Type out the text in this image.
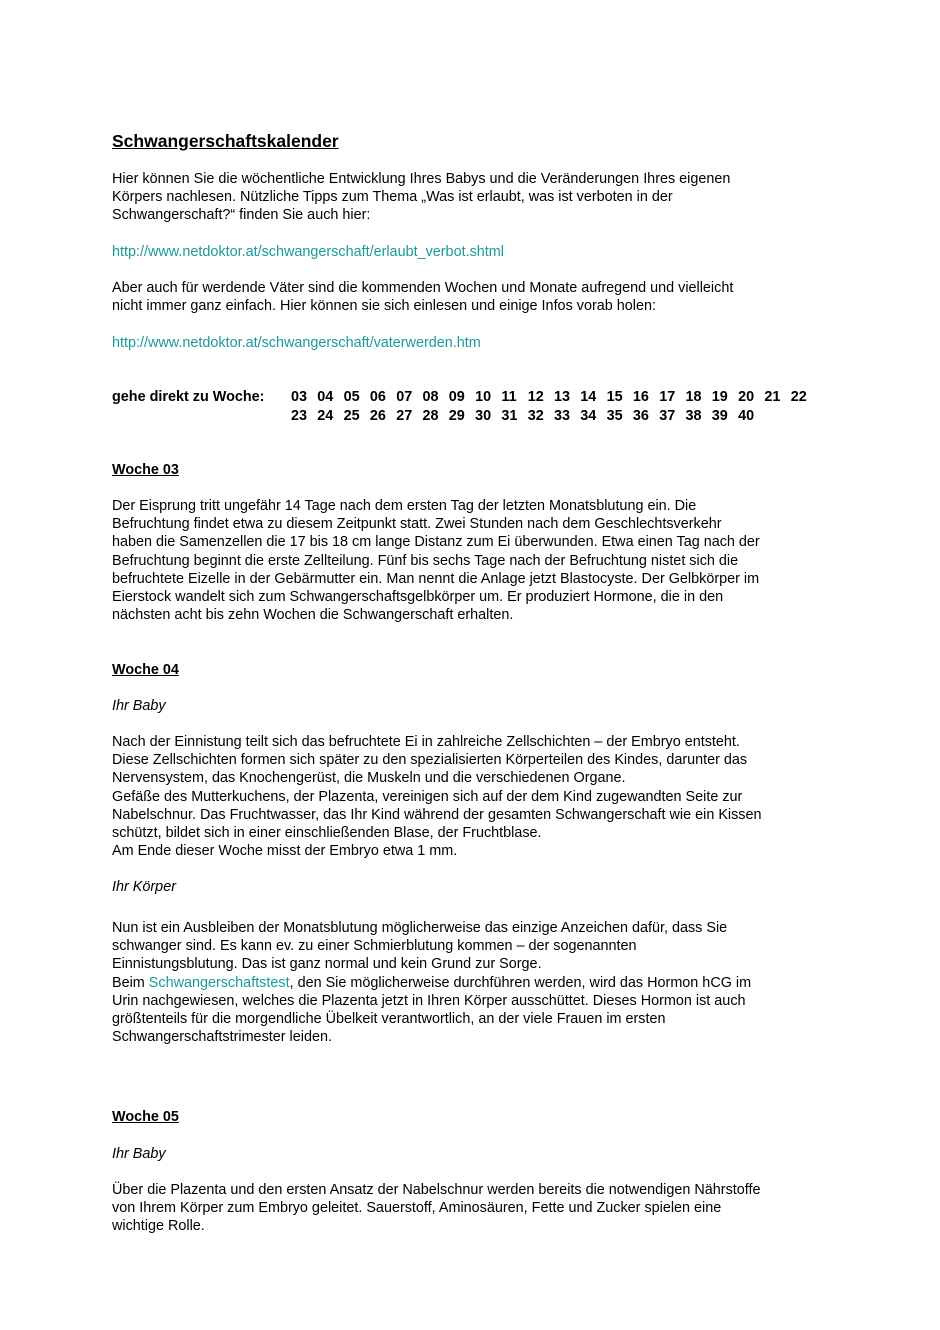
Schwangerschaftskalender
Hier können Sie die wöchentliche Entwicklung Ihres Babys und die Veränderungen Ihres eigenen
Körpers nachlesen. Nützliche Tipps zum Thema „Was ist erlaubt, was ist verboten in der
Schwangerschaft?“ finden Sie auch hier:
http://www.netdoktor.at/schwangerschaft/erlaubt_verbot.shtml
Aber auch für werdende Väter sind die kommenden Wochen und Monate aufregend und vielleicht
nicht immer ganz einfach. Hier können sie sich einlesen und einige Infos vorab holen:
http://www.netdoktor.at/schwangerschaft/vaterwerden.htm
gehe direkt zu Woche: 03 04 05 06 07 08 09 10 11 12 13 14 15 16 17 18 19 20 21 22
23 24 25 26 27 28 29 30 31 32 33 34 35 36 37 38 39 40
Woche 03
Der Eisprung tritt ungefähr 14 Tage nach dem ersten Tag der letzten Monatsblutung ein. Die
Befruchtung findet etwa zu diesem Zeitpunkt statt. Zwei Stunden nach dem Geschlechtsverkehr
haben die Samenzellen die 17 bis 18 cm lange Distanz zum Ei überwunden. Etwa einen Tag nach der
Befruchtung beginnt die erste Zellteilung. Fünf bis sechs Tage nach der Befruchtung nistet sich die
befruchtete Eizelle in der Gebärmutter ein. Man nennt die Anlage jetzt Blastocyste. Der Gelbkörper im
Eierstock wandelt sich zum Schwangerschaftsgelbkörper um. Er produziert Hormone, die in den
nächsten acht bis zehn Wochen die Schwangerschaft erhalten.
Woche 04
Ihr Baby
Nach der Einnistung teilt sich das befruchtete Ei in zahlreiche Zellschichten – der Embryo entsteht.
Diese Zellschichten formen sich später zu den spezialisierten Körperteilen des Kindes, darunter das
Nervensystem, das Knochengerüst, die Muskeln und die verschiedenen Organe.
Gefäße des Mutterkuchens, der Plazenta, vereinigen sich auf der dem Kind zugewandten Seite zur
Nabelschnur. Das Fruchtwasser, das Ihr Kind während der gesamten Schwangerschaft wie ein Kissen
schützt, bildet sich in einer einschließenden Blase, der Fruchtblase.
Am Ende dieser Woche misst der Embryo etwa 1 mm.
Ihr Körper
Nun ist ein Ausbleiben der Monatsblutung möglicherweise das einzige Anzeichen dafür, dass Sie
schwanger sind. Es kann ev. zu einer Schmierblutung kommen – der sogenannten
Einnistungsblutung. Das ist ganz normal und kein Grund zur Sorge.
Beim Schwangerschaftstest, den Sie möglicherweise durchführen werden, wird das Hormon hCG im
Urin nachgewiesen, welches die Plazenta jetzt in Ihren Körper ausschüttet. Dieses Hormon ist auch
größtenteils für die morgendliche Übelkeit verantwortlich, an der viele Frauen im ersten
Schwangerschaftstrimester leiden.
Woche 05
Ihr Baby
Über die Plazenta und den ersten Ansatz der Nabelschnur werden bereits die notwendigen Nährstoffe
von Ihrem Körper zum Embryo geleitet. Sauerstoff, Aminosäuren, Fette und Zucker spielen eine
wichtige Rolle.
